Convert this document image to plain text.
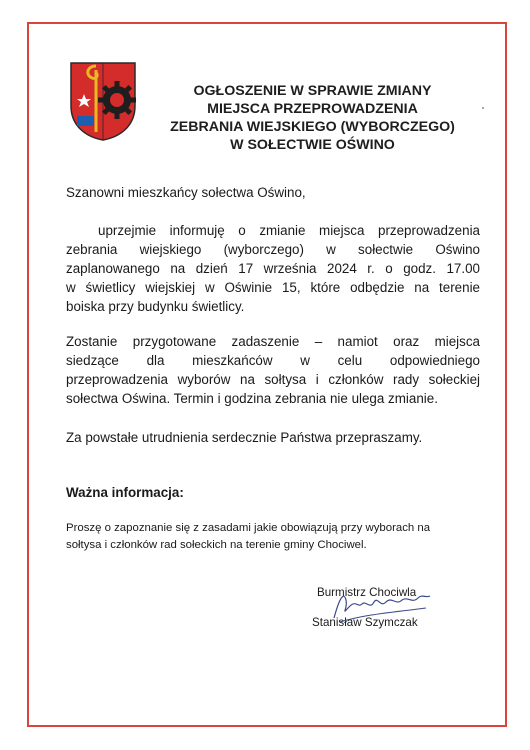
OGŁOSZENIE W SPRAWIE ZMIANY
MIEJSCA PRZEPROWADZENIA
ZEBRANIA WIEJSKIEGO (WYBORCZEGO)
W SOŁECTWIE OŚWINO
Szanowni mieszkańcy sołectwa Oświno,
uprzejmie informuję o zmianie miejsca przeprowadzenia
zebrania wiejskiego (wyborczego) w sołectwie Oświno
zaplanowanego na dzień 17 września 2024 r. o godz. 17.00
w świetlicy wiejskiej w Oświnie 15, które odbędzie na terenie
boiska przy budynku świetlicy.
Zostanie przygotowane zadaszenie – namiot oraz miejsca
siedzące dla mieszkańców w celu odpowiedniego
przeprowadzenia wyborów na sołtysa i członków rady sołeckiej
sołectwa Oświna. Termin i godzina zebrania nie ulega zmianie.
Za powstałe utrudnienia serdecznie Państwa przepraszamy.
Ważna informacja:
Proszę o zapoznanie się z zasadami jakie obowiązują przy wyborach na
sołtysa i członków rad sołeckich na terenie gminy Chociwel.
Burmistrz Chociwla
Stanisław Szymczak
